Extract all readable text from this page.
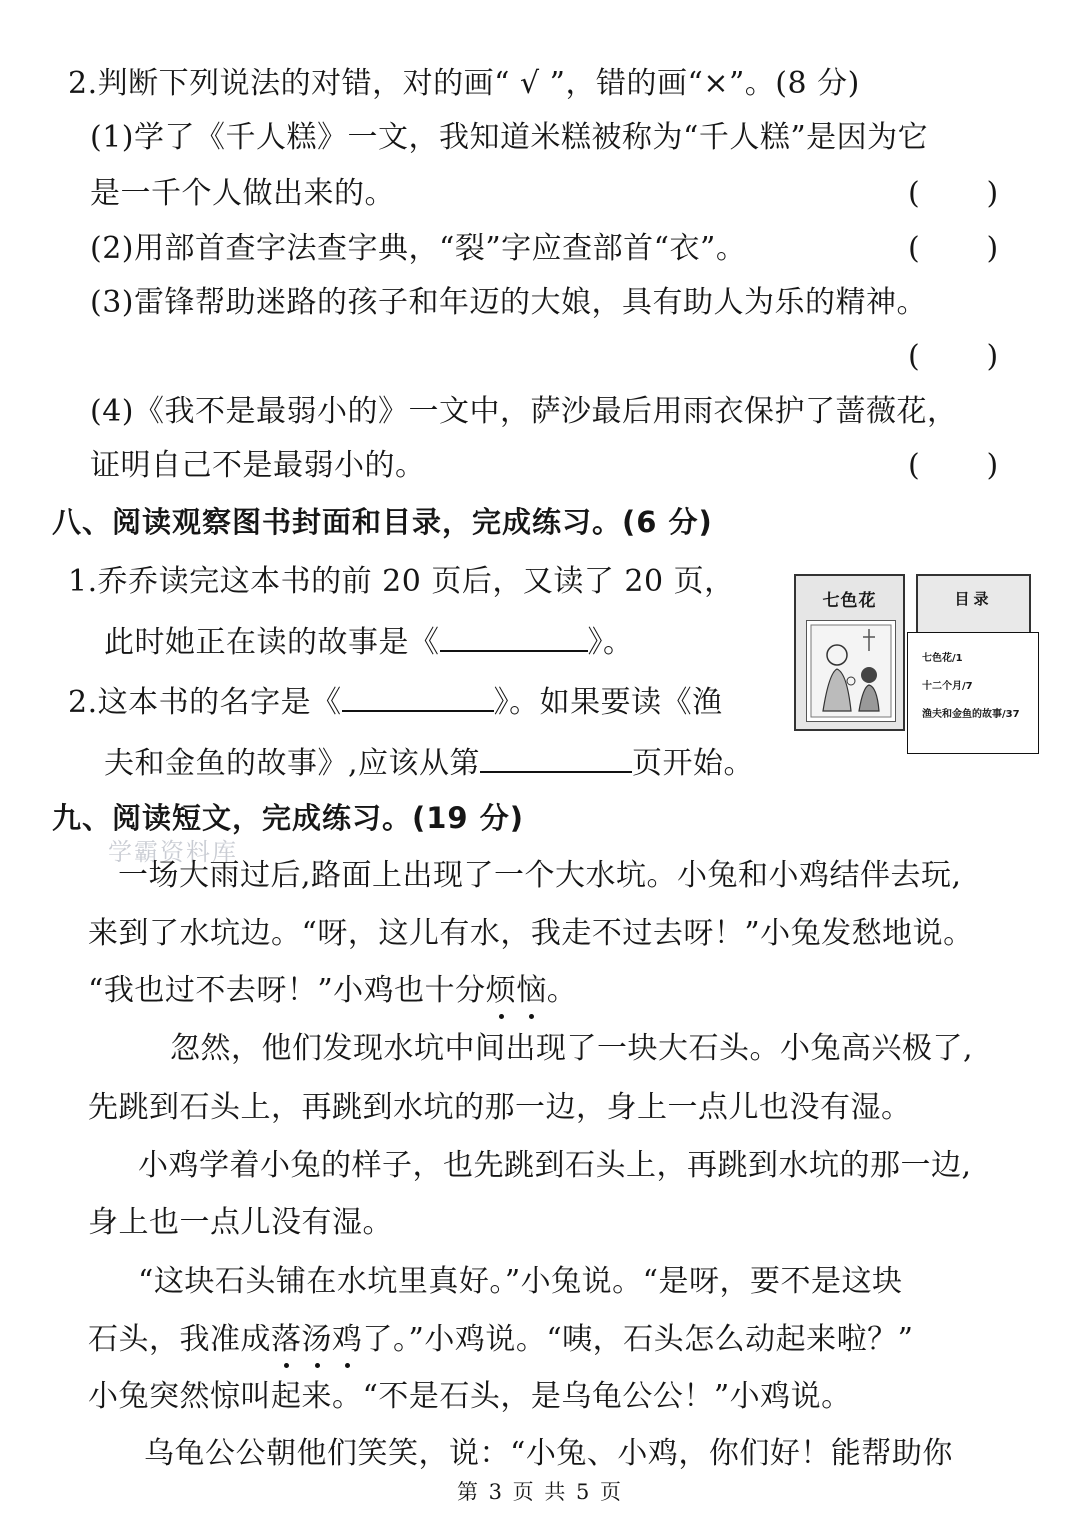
2.判断下列说法的对错，对的画“ √ ”，错的画“×”。(8 分)
(1)学了《千人糕》一文，我知道米糕被称为“千人糕”是因为它
是一千个人做出来的。	(       )
(2)用部首查字法查字典，“裂”字应查部首“衣”。	(       )
(3)雷锋帮助迷路的孩子和年迈的大娘，具有助人为乐的精神。
(       )
(4)《我不是最弱小的》一文中，萨沙最后用雨衣保护了蔷薇花，
证明自己不是最弱小的。	(       )
八、阅读观察图书封面和目录，完成练习。(6 分)
1.乔乔读完这本书的前 20 页后，又读了 20 页，
此时她正在读的故事是《	》。
2.这本书的名字是《	》。如果要读《渔
夫和金鱼的故事》,应该从第	页开始。
七色花	目录
七色花/1
十二个月/7
渔夫和金鱼的故事/37
九、阅读短文，完成练习。(19 分)
学霸资料库
一场大雨过后,路面上出现了一个大水坑。小兔和小鸡结伴去玩,
来到了水坑边。“呀，这儿有水，我走不过去呀！”小兔发愁地说。
“我也过不去呀！”小鸡也十分烦恼。
忽然，他们发现水坑中间出现了一块大石头。小兔高兴极了,
先跳到石头上，再跳到水坑的那一边，身上一点儿也没有湿。
小鸡学着小兔的样子，也先跳到石头上，再跳到水坑的那一边,
身上也一点儿没有湿。
“这块石头铺在水坑里真好。”小兔说。“是呀，要不是这块
石头，我准成落汤鸡了。”小鸡说。“咦，石头怎么动起来啦？”
小兔突然惊叫起来。“不是石头，是乌龟公公！”小鸡说。
乌龟公公朝他们笑笑，说：“小兔、小鸡，你们好！能帮助你
第 3 页 共 5 页
